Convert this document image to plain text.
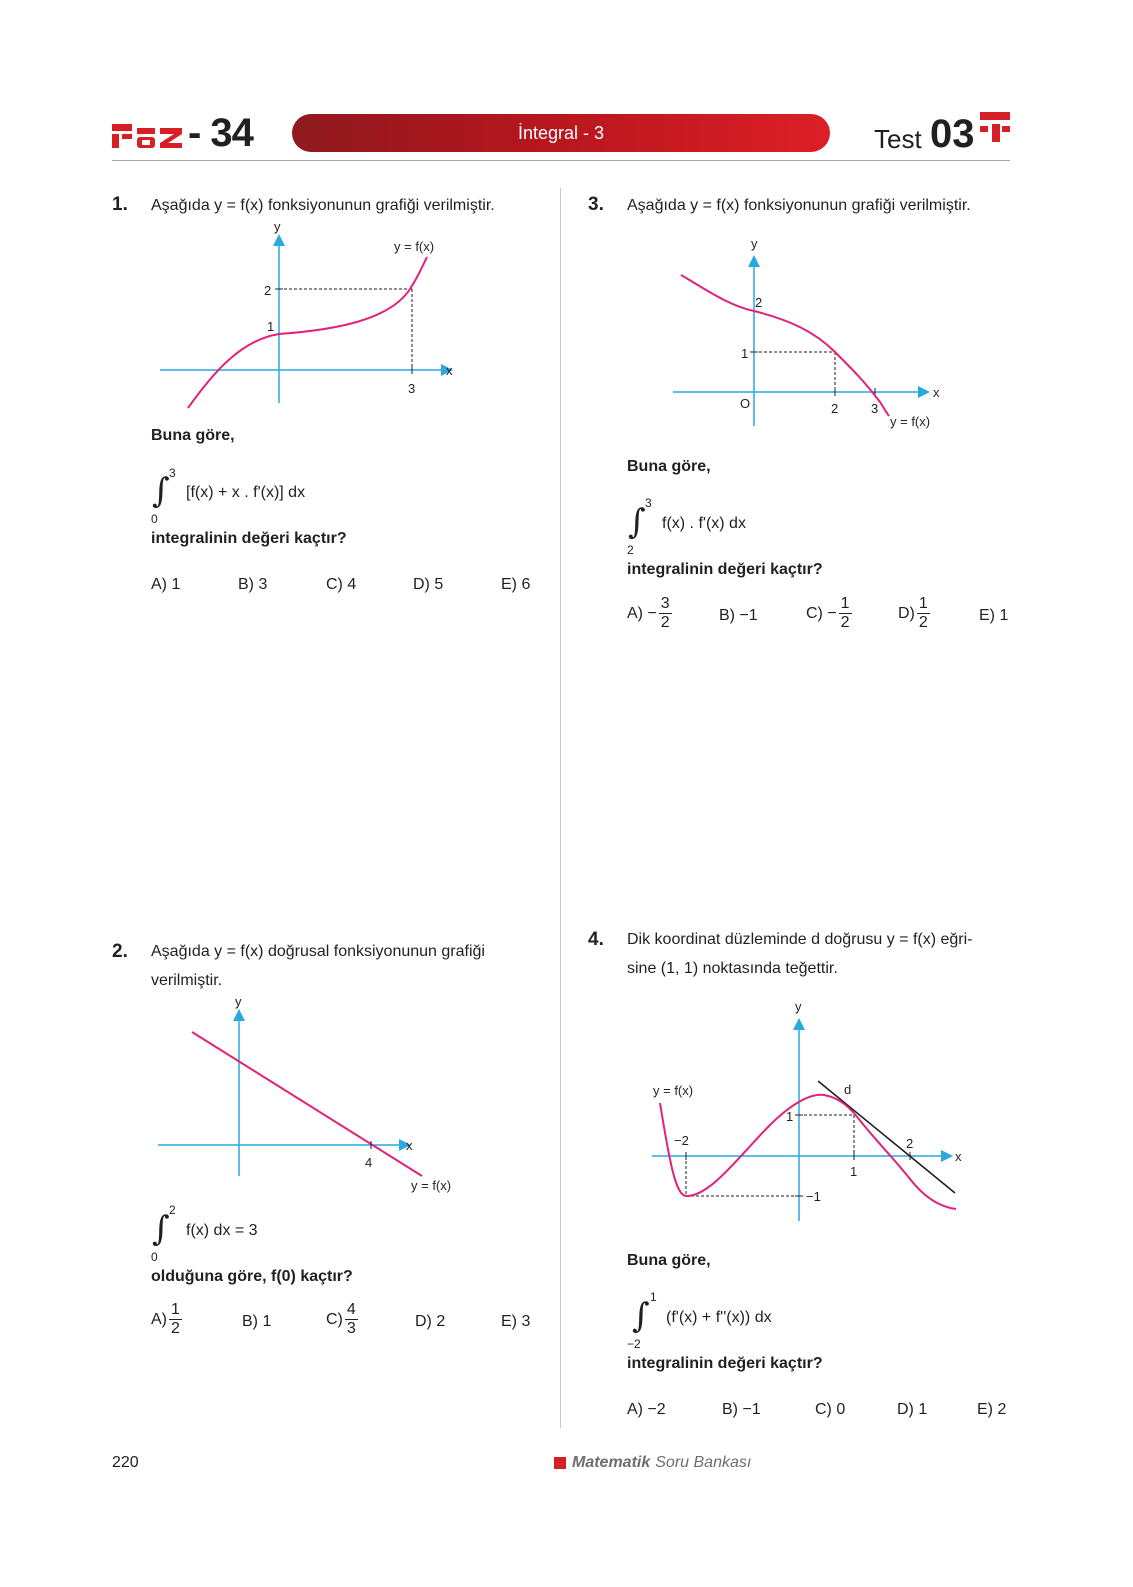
- 34	İntegral - 3	Test 03
1. Aşağıda y = f(x) fonksiyonunun grafiği verilmiştir.
3
2
1
x
y
y = f(x)
Buna göre,
3
∫
0
[f(x) + x . f'(x)] dx
integralinin değeri kaçtır?
A) 1	B) 3	C) 4	D) 5	E) 6
2. Aşağıda y = f(x) doğrusal fonksiyonunun grafiği
verilmiştir.
4
x
y
y = f(x)
2
∫
0
f(x) dx = 3
olduğuna göre, f(0) kaçtır?
$A) \frac{1}{2}$	B) 1	$C) \frac{4}{3}$	D) 2	E) 3
3. Aşağıda y = f(x) fonksiyonunun grafiği verilmiştir.
2
1
2	3
O
x
y
y = f(x)
Buna göre,
3
∫
2
f(x) . f'(x) dx
integralinin değeri kaçtır?
$A) - \frac{3}{2}$	B) −1	$C) - \frac{1}{2}$	$D) \frac{1}{2}$	E) 1
4. Dik koordinat düzleminde d doğrusu y = f(x) eğri-
sine (1, 1) noktasında teğettir.
1
−2	2
1
−1
x
y
d
y = f(x)
Buna göre,
1
∫
−2
(f'(x) + f''(x)) dx
integralinin değeri kaçtır?
A) −2	B) −1	C) 0	D) 1	E) 2
220	Matematik Soru Bankası
